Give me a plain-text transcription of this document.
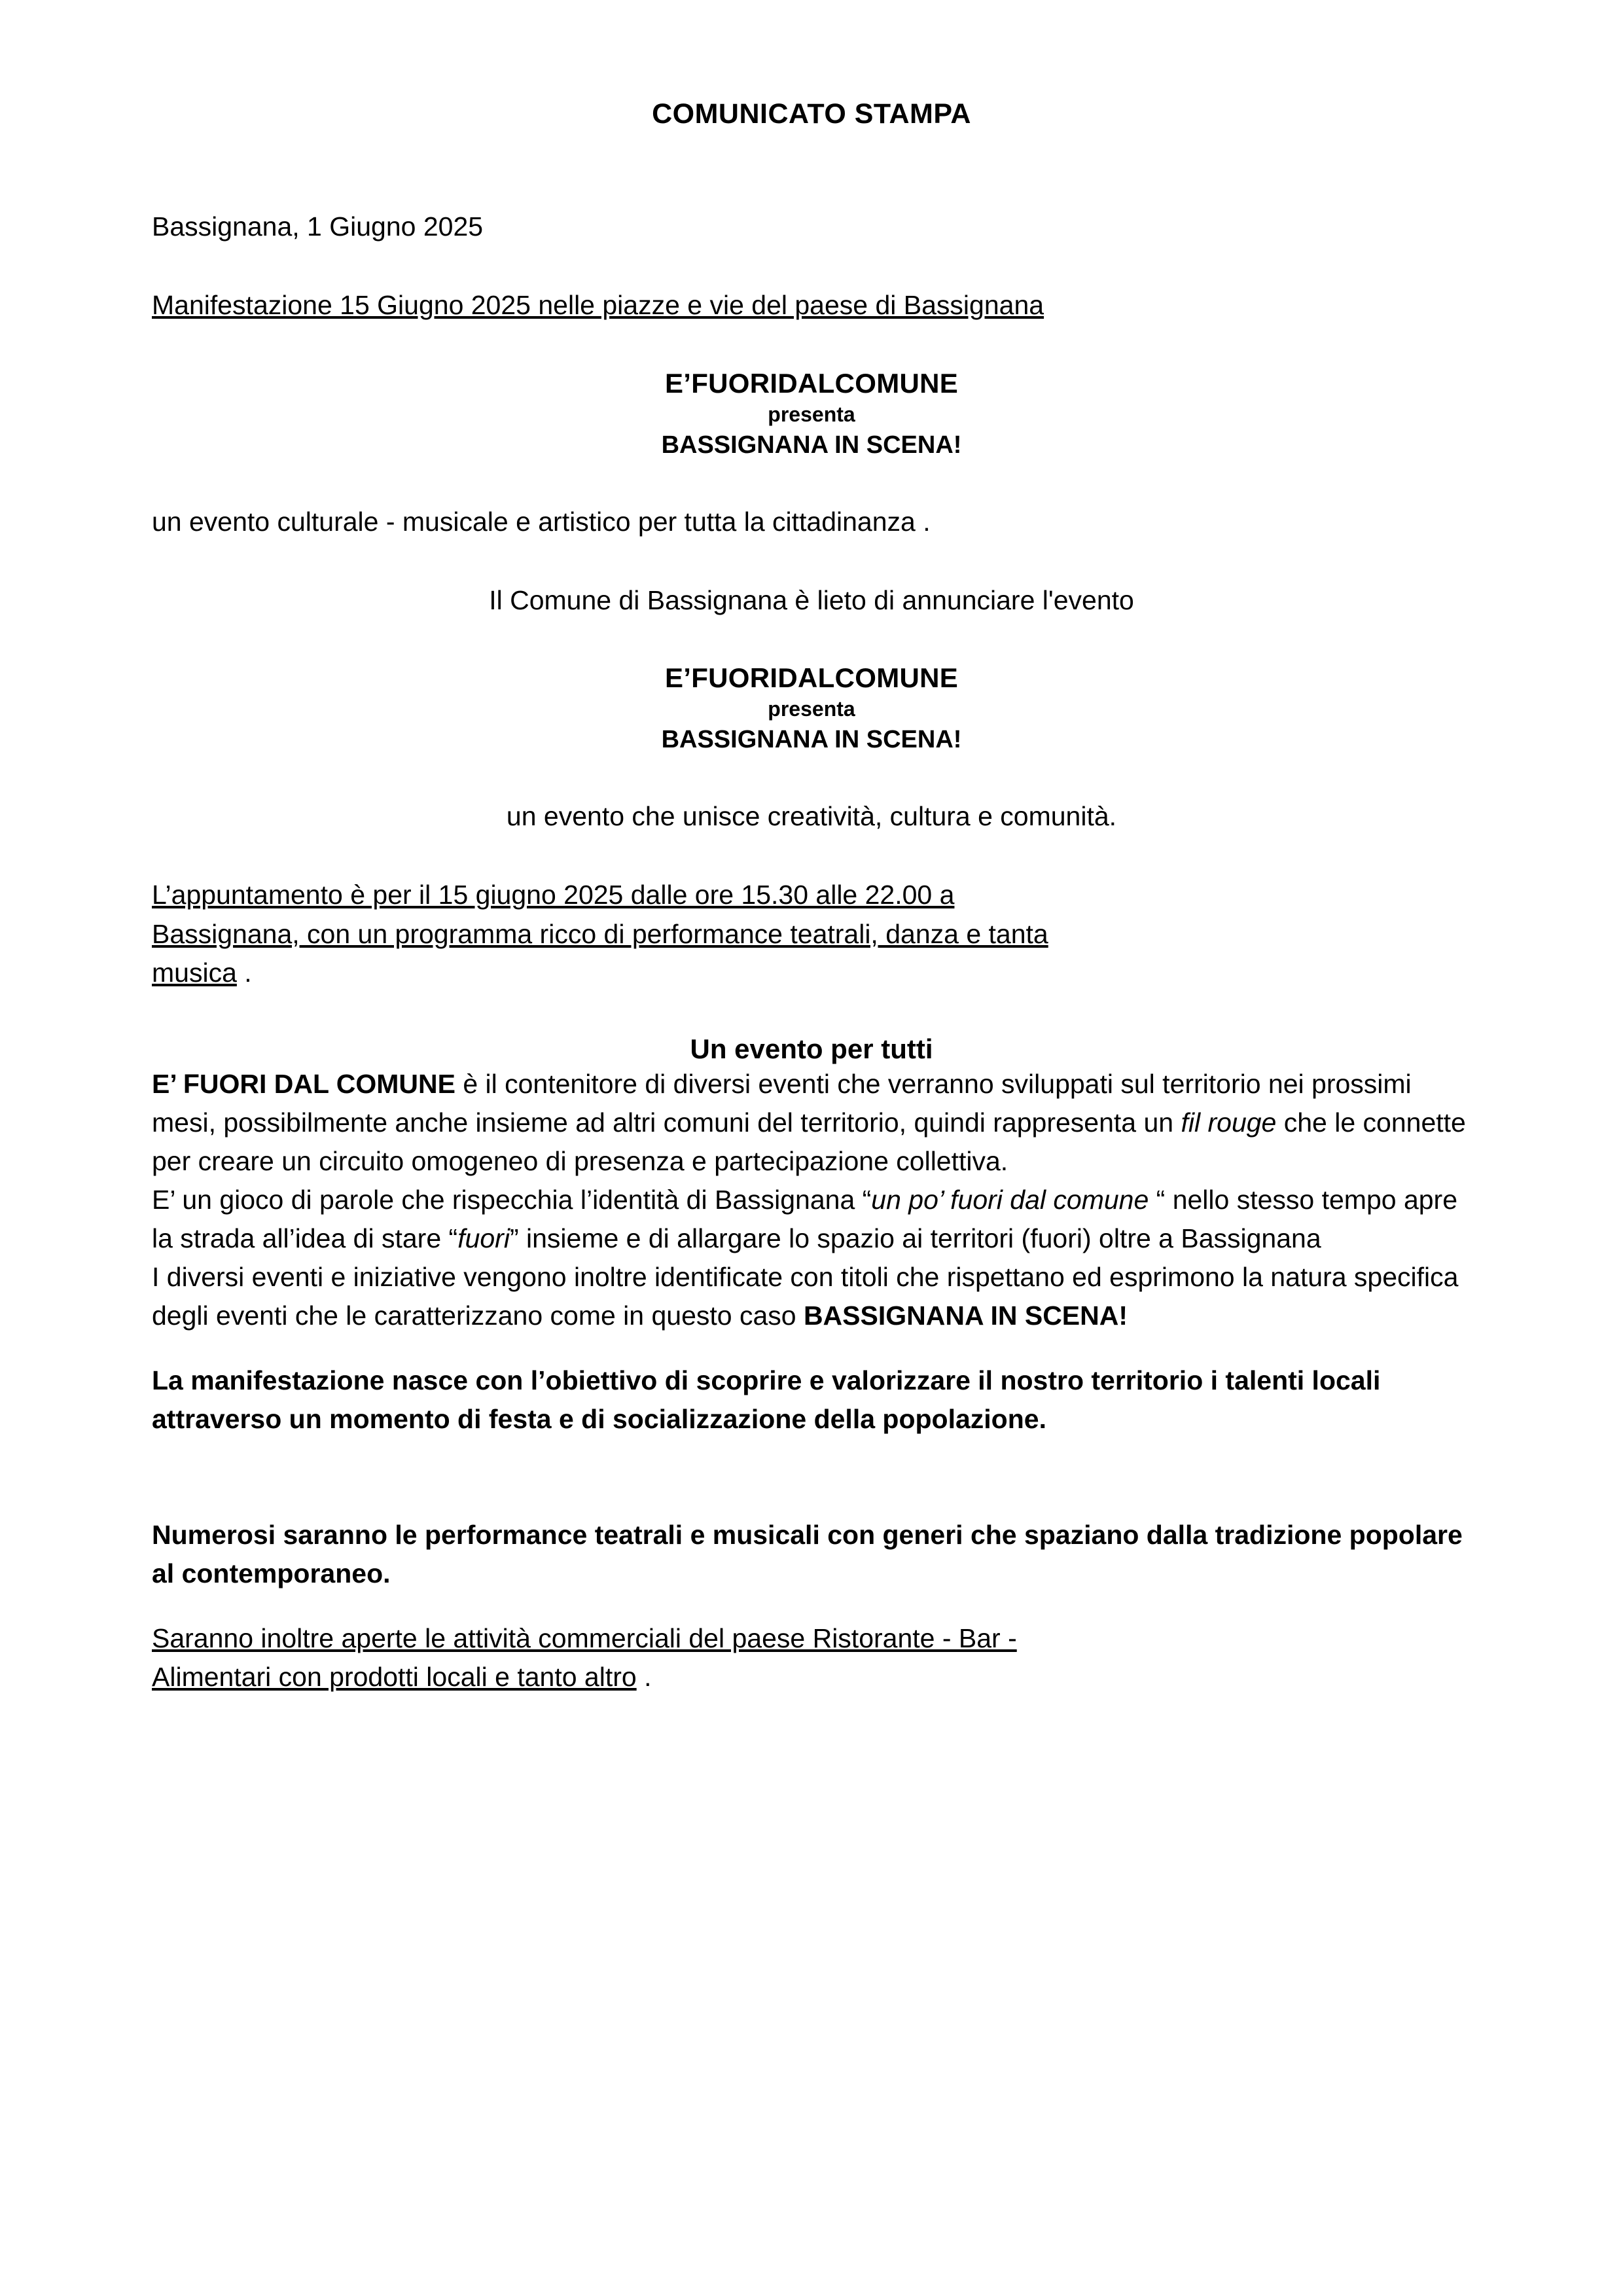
COMUNICATO STAMPA

Bassignana, 1 Giugno 2025

Manifestazione 15 Giugno 2025 nelle piazze e vie del paese di Bassignana

E’FUORIDALCOMUNE
presenta
BASSIGNANA IN SCENA!

un evento culturale - musicale e artistico per tutta la cittadinanza .

Il Comune di Bassignana è lieto di annunciare l'evento

E’FUORIDALCOMUNE
presenta
BASSIGNANA IN SCENA!

un evento che unisce creatività, cultura e comunità.

L’appuntamento è per il 15 giugno 2025 dalle ore 15.30 alle 22.00 a

Bassignana, con un programma ricco di performance teatrali, danza e tanta

musica .

Un evento per tutti

E’ FUORI DAL COMUNE è il contenitore di diversi eventi che verranno sviluppati sul territorio nei prossimi mesi, possibilmente anche insieme ad altri comuni del territorio, quindi rappresenta un fil rouge che le connette per creare un circuito omogeneo di presenza e partecipazione collettiva.

E’ un gioco di parole che rispecchia l’identità di Bassignana “un po’ fuori dal comune “ nello stesso tempo apre la strada all’idea di stare “fuori” insieme e di allargare lo spazio ai territori (fuori) oltre a Bassignana

I diversi eventi e iniziative vengono inoltre identificate con titoli che rispettano ed esprimono la natura specifica degli eventi che le caratterizzano come in questo caso BASSIGNANA IN SCENA!

La manifestazione nasce con l’obiettivo di scoprire e valorizzare il nostro territorio i talenti locali attraverso un momento di festa e di socializzazione della popolazione.

Numerosi saranno le performance teatrali e musicali con generi che spaziano dalla tradizione popolare al contemporaneo.

Saranno inoltre aperte le attività commerciali del paese Ristorante - Bar -

Alimentari con prodotti locali e tanto altro .
